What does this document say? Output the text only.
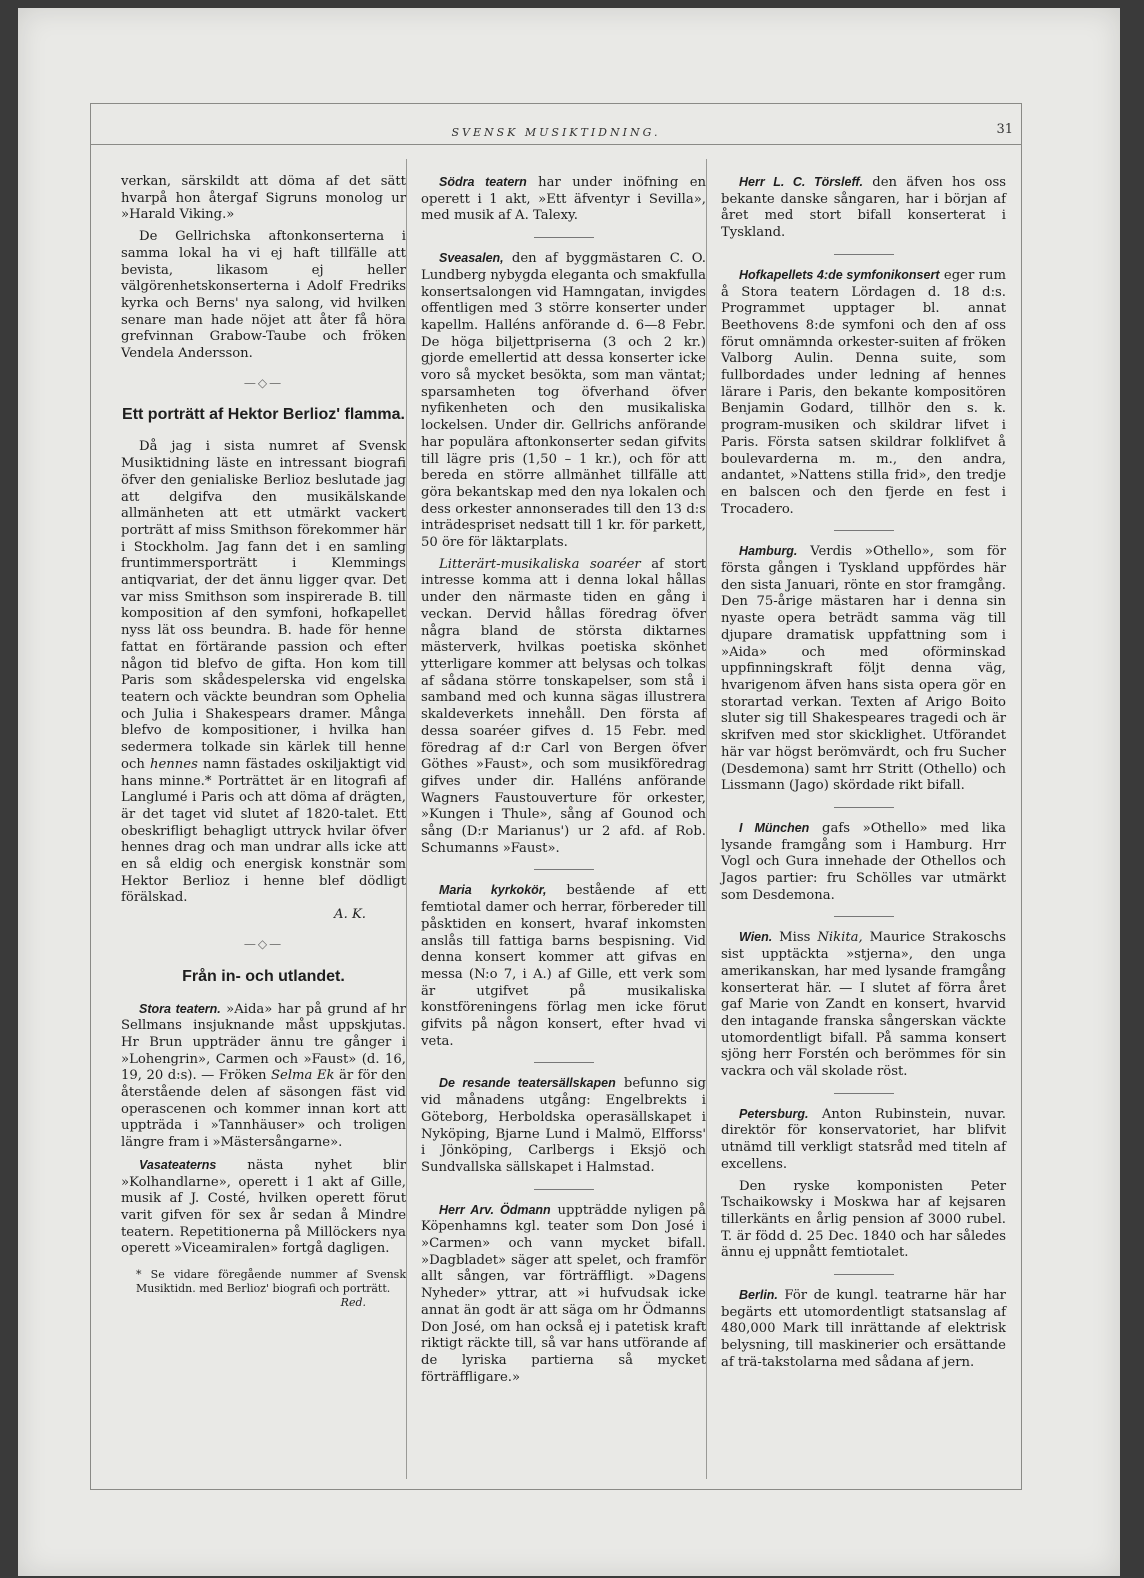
SVENSK MUSIKTIDNING.	31

verkan, särskildt att döma af det sätt hvarpå hon återgaf Sigruns monolog ur »Harald Viking.»

De Gellrichska aftonkonserterna i samma lokal ha vi ej haft tillfälle att bevista, likasom ej heller välgörenhetskonserterna i Adolf Fredriks kyrka och Berns' nya salong, vid hvilken senare man hade nöjet att åter få höra grefvinnan Grabow-Taube och fröken Vendela Andersson.

—◇—
Ett porträtt af Hektor Berlioz' flamma.

Då jag i sista numret af Svensk Musiktidning läste en intressant biografi öfver den genialiske Berlioz beslutade jag att delgifva den musikälskande allmänheten att ett utmärkt vackert porträtt af miss Smithson förekommer här i Stockholm. Jag fann det i en samling fruntimmersporträtt i Klemmings antiqvariat, der det ännu ligger qvar. Det var miss Smithson som inspirerade B. till komposition af den symfoni, hofkapellet nyss lät oss beundra. B. hade för henne fattat en förtärande passion och efter någon tid blefvo de gifta. Hon kom till Paris som skådespelerska vid engelska teatern och väckte beundran som Ophelia och Julia i Shakespears dramer. Många blefvo de kompositioner, i hvilka han sedermera tolkade sin kärlek till henne och hennes namn fästades oskiljaktigt vid hans minne.* Porträttet är en litografi af Langlumé i Paris och att döma af drägten, är det taget vid slutet af 1820-talet. Ett obeskrifligt behagligt uttryck hvilar öfver hennes drag och man undrar alls icke att en så eldig och energisk konstnär som Hektor Berlioz i henne blef dödligt förälskad.
A. K.

—◇—
Från in- och utlandet.

Stora teatern. »Aida» har på grund af hr Sellmans insjuknande måst uppskjutas. Hr Brun uppträder ännu tre gånger i »Lohengrin», Carmen och »Faust» (d. 16, 19, 20 d:s). — Fröken Selma Ek är för den återstående delen af säsongen fäst vid operascenen och kommer innan kort att uppträda i »Tannhäuser» och troligen längre fram i »Mästersångarne».

Vasateaterns nästa nyhet blir »Kolhandlarne», operett i 1 akt af Gille, musik af J. Costé, hvilken operett förut varit gifven för sex år sedan å Mindre teatern. Repetitionerna på Millöckers nya operett »Viceamiralen» fortgå dagligen.

* Se vidare föregående nummer af Svensk Musiktidn. med Berlioz' biografi och porträtt.
Red.

Södra teatern har under inöfning en operett i 1 akt, »Ett äfventyr i Sevilla», med musik af A. Talexy.

Sveasalen, den af byggmästaren C. O. Lundberg nybygda eleganta och smakfulla konsertsalongen vid Hamngatan, invigdes offentligen med 3 större konserter under kapellm. Halléns anförande d. 6—8 Febr. De höga biljettpriserna (3 och 2 kr.) gjorde emellertid att dessa konserter icke voro så mycket besökta, som man väntat; sparsamheten tog öfverhand öfver nyfikenheten och den musikaliska lockelsen. Under dir. Gellrichs anförande har populära aftonkonserter sedan gifvits till lägre pris (1,50 – 1 kr.), och för att bereda en större allmänhet tillfälle att göra bekantskap med den nya lokalen och dess orkester annonserades till den 13 d:s inträdespriset nedsatt till 1 kr. för parkett, 50 öre för läktarplats.

Litterärt-musikaliska soaréer af stort intresse komma att i denna lokal hållas under den närmaste tiden en gång i veckan. Dervid hållas föredrag öfver några bland de största diktarnes mästerverk, hvilkas poetiska skönhet ytterligare kommer att belysas och tolkas af sådana större tonskapelser, som stå i samband med och kunna sägas illustrera skaldeverkets innehåll. Den första af dessa soaréer gifves d. 15 Febr. med föredrag af d:r Carl von Bergen öfver Göthes »Faust», och som musikföredrag gifves under dir. Halléns anförande Wagners Faustouverture för orkester, »Kungen i Thule», sång af Gounod och sång (D:r Marianus') ur 2 afd. af Rob. Schumanns »Faust».

Maria kyrkokör, bestående af ett femtiotal damer och herrar, förbereder till påsktiden en konsert, hvaraf inkomsten anslås till fattiga barns bespisning. Vid denna konsert kommer att gifvas en messa (N:o 7, i A.) af Gille, ett verk som är utgifvet på musikaliska konstföreningens förlag men icke förut gifvits på någon konsert, efter hvad vi veta.

De resande teatersällskapen befunno sig vid månadens utgång: Engelbrekts i Göteborg, Herboldska operasällskapet i Nyköping, Bjarne Lund i Malmö, Elfforss' i Jönköping, Carlbergs i Eksjö och Sundvallska sällskapet i Halmstad.

Herr Arv. Ödmann uppträdde nyligen på Köpenhamns kgl. teater som Don José i »Carmen» och vann mycket bifall. »Dagbladet» säger att spelet, och framför allt sången, var förträffligt. »Dagens Nyheder» yttrar, att »i hufvudsak icke annat än godt är att säga om hr Ödmanns Don José, om han också ej i patetisk kraft riktigt räckte till, så var hans utförande af de lyriska partierna så mycket förträffligare.»

Herr L. C. Törsleff. den äfven hos oss bekante danske sångaren, har i början af året med stort bifall konserterat i Tyskland.

Hofkapellets 4:de symfonikonsert eger rum å Stora teatern Lördagen d. 18 d:s. Programmet upptager bl. annat Beethovens 8:de symfoni och den af oss förut omnämnda orkester-suiten af fröken Valborg Aulin. Denna suite, som fullbordades under ledning af hennes lärare i Paris, den bekante kompositören Benjamin Godard, tillhör den s. k. program-musiken och skildrar lifvet i Paris. Första satsen skildrar folklifvet å boulevarderna m. m., den andra, andantet, »Nattens stilla frid», den tredje en balscen och den fjerde en fest i Trocadero.

Hamburg. Verdis »Othello», som för första gången i Tyskland uppfördes här den sista Januari, rönte en stor framgång. Den 75-årige mästaren har i denna sin nyaste opera beträdt samma väg till djupare dramatisk uppfattning som i »Aida» och med oförminskad uppfinningskraft följt denna väg, hvarigenom äfven hans sista opera gör en storartad verkan. Texten af Arigo Boito sluter sig till Shakespeares tragedi och är skrifven med stor skicklighet. Utförandet här var högst berömvärdt, och fru Sucher (Desdemona) samt hrr Stritt (Othello) och Lissmann (Jago) skördade rikt bifall.

I München gafs »Othello» med lika lysande framgång som i Hamburg. Hrr Vogl och Gura innehade der Othellos och Jagos partier: fru Schölles var utmärkt som Desdemona.

Wien. Miss Nikita, Maurice Strakoschs sist upptäckta »stjerna», den unga amerikanskan, har med lysande framgång konserterat här. — I slutet af förra året gaf Marie von Zandt en konsert, hvarvid den intagande franska sångerskan väckte utomordentligt bifall. På samma konsert sjöng herr Forstén och berömmes för sin vackra och väl skolade röst.

Petersburg. Anton Rubinstein, nuvar. direktör för konservatoriet, har blifvit utnämd till verkligt statsråd med titeln af excellens.

Den ryske komponisten Peter Tschaikowsky i Moskwa har af kejsaren tillerkänts en årlig pension af 3000 rubel. T. är född d. 25 Dec. 1840 och har således ännu ej uppnått femtiotalet.

Berlin. För de kungl. teatrarne här har begärts ett utomordentligt statsanslag af 480,000 Mark till inrättande af elektrisk belysning, till maskinerier och ersättande af trä-takstolarna med sådana af jern.
